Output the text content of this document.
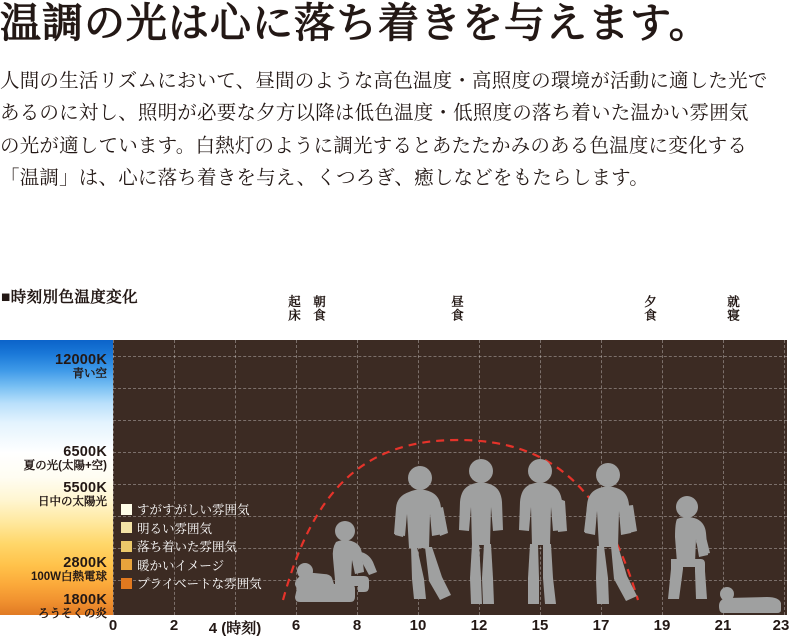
温調の光は心に落ち着きを与えます。
人間の生活リズムにおいて、昼間のような高色温度・高照度の環境が活動に適した光であるのに対し、照明が必要な夕方以降は低色温度・低照度の落ち着いた温かい雰囲気の光が適しています。白熱灯のように調光するとあたたかみのある色温度に変化する「温調」は、心に落ち着きを与え、くつろぎ、癒しなどをもたらします。
■時刻別色温度変化	起床 朝食	昼食	夕食	就寝
12000K
青い空
6500K
夏の光(太陽+空)
5500K
日中の太陽光
2800K
100W白熱電球
1800K
ろうそくの炎
すがすがしい雰囲気
明るい雰囲気
落ち着いた雰囲気
暖かいイメージ
プライベートな雰囲気
0	2 4 (時刻) 6	8	10	12	15	17	19	21	23
